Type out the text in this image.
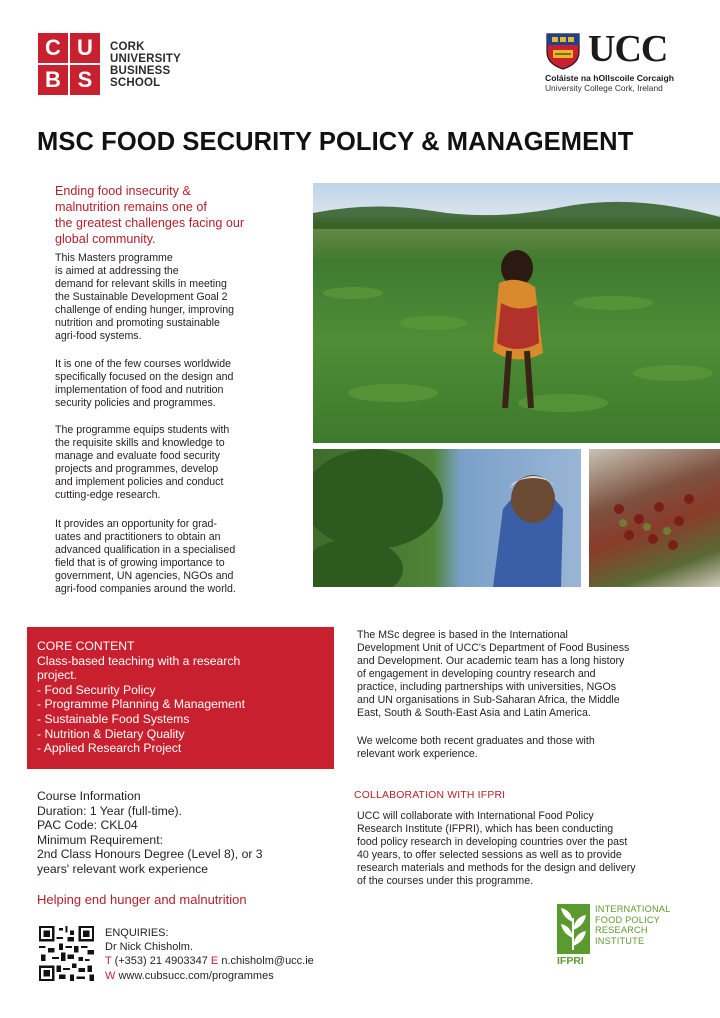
C U
B S
CORK
UNIVERSITY
BUSINESS
SCHOOL
UCC
Coláiste na hOllscoile Corcaigh
University College Cork, Ireland
MSC FOOD SECURITY POLICY & MANAGEMENT
Ending food insecurity &
malnutrition remains one of
the greatest challenges facing our
global community.
This Masters programme
is aimed at addressing the
demand for relevant skills in meeting
the Sustainable Development Goal 2
challenge of ending hunger, improving
nutrition and promoting sustainable
agri-food systems.
It is one of the few courses worldwide
specifically focused on the design and
implementation of food and nutrition
security policies and programmes.
The programme equips students with
the requisite skills and knowledge to
manage and evaluate food security
projects and programmes, develop
and implement policies and conduct
cutting-edge research.
It provides an opportunity for grad-
uates and practitioners to obtain an
advanced qualification in a specialised
field that is of growing importance to
government, UN agencies, NGOs and
agri-food companies around the world.
CORE CONTENT
Class-based teaching with a research
project.
- Food Security Policy
- Programme Planning & Management
- Sustainable Food Systems
- Nutrition & Dietary Quality
- Applied Research Project
The MSc degree is based in the International
Development Unit of UCC's Department of Food Business
and Development. Our academic team has a long history
of engagement in developing country research and
practice, including partnerships with universities, NGOs
and UN organisations in Sub-Saharan Africa, the Middle
East, South & South-East Asia and Latin America.
We welcome both recent graduates and those with
relevant work experience.
COLLABORATION WITH IFPRI
UCC will collaborate with International Food Policy
Research Institute (IFPRI), which has been conducting
food policy research in developing countries over the past
40 years, to offer selected sessions as well as to provide
research materials and methods for the design and delivery
of the courses under this programme.
Course Information
Duration: 1 Year (full-time).
PAC Code: CKL04
Minimum Requirement:
2nd Class Honours Degree (Level 8), or 3
years' relevant work experience
Helping end hunger and malnutrition
ENQUIRIES:
Dr Nick Chisholm.
T (+353) 21 4903347 E n.chisholm@ucc.ie
W www.cubsucc.com/programmes
IFPRI
INTERNATIONAL
FOOD POLICY
RESEARCH
INSTITUTE
